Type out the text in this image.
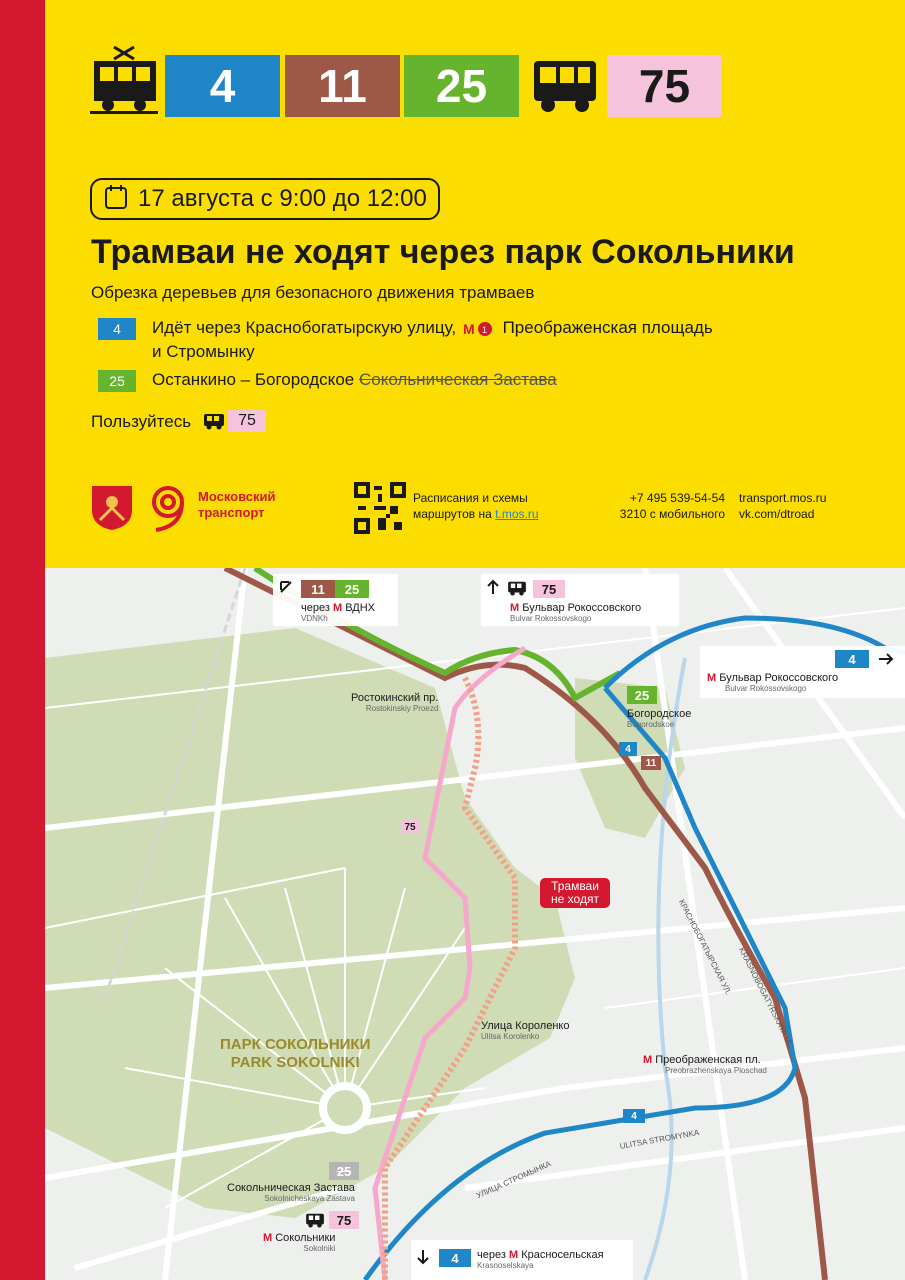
4 11 25	75
17 августа с 9:00 до 12:00
Трамваи не ходят через парк Сокольники
Обрезка деревьев для безопасного движения трамваев
4 Идёт через Краснобогатырскую улицу, М 1 Преображенская площадь
и Стромынку
25 Останкино – Богородское Сокольническая Застава
Пользуйтесь	75
Московский
транспорт
Расписания и схемы
маршрутов на t.mos.ru
+7 495 539-54-54
3210 с мобильного
transport.mos.ru
vk.com/dtroad
11 25
через М ВДНХ
VDNKh
75
М Бульвар Рокоссовского
Bulvar Rokossovskogo
4
М Бульвар Рокоссовского
Bulvar Rokossovskogo
Ростокинский пр.
Rostokinskiy Proezd
25
Богородское
Bogorodskoe
4
11
75
Трамваи не ходят	КРАСНОБОГАТЫРСКАЯ УЛ. KRASNOBOGATYRSKAYA UL.
Улица Короленко
Ulitsa Korolenko
ПАРК СОКОЛЬНИКИ
PARK SOKOLNIKI	М Преображенская пл.
Preobrazhenskaya Ploschad
4
ULITSA STROMYNKA
УЛИЦА СТРОМЫНКА
25
Сокольническая Застава
Sokolnicheskaya Zastava
75
М Сокольники
Sokolniki
4 через М Красносельская
Krasnoselskaya
